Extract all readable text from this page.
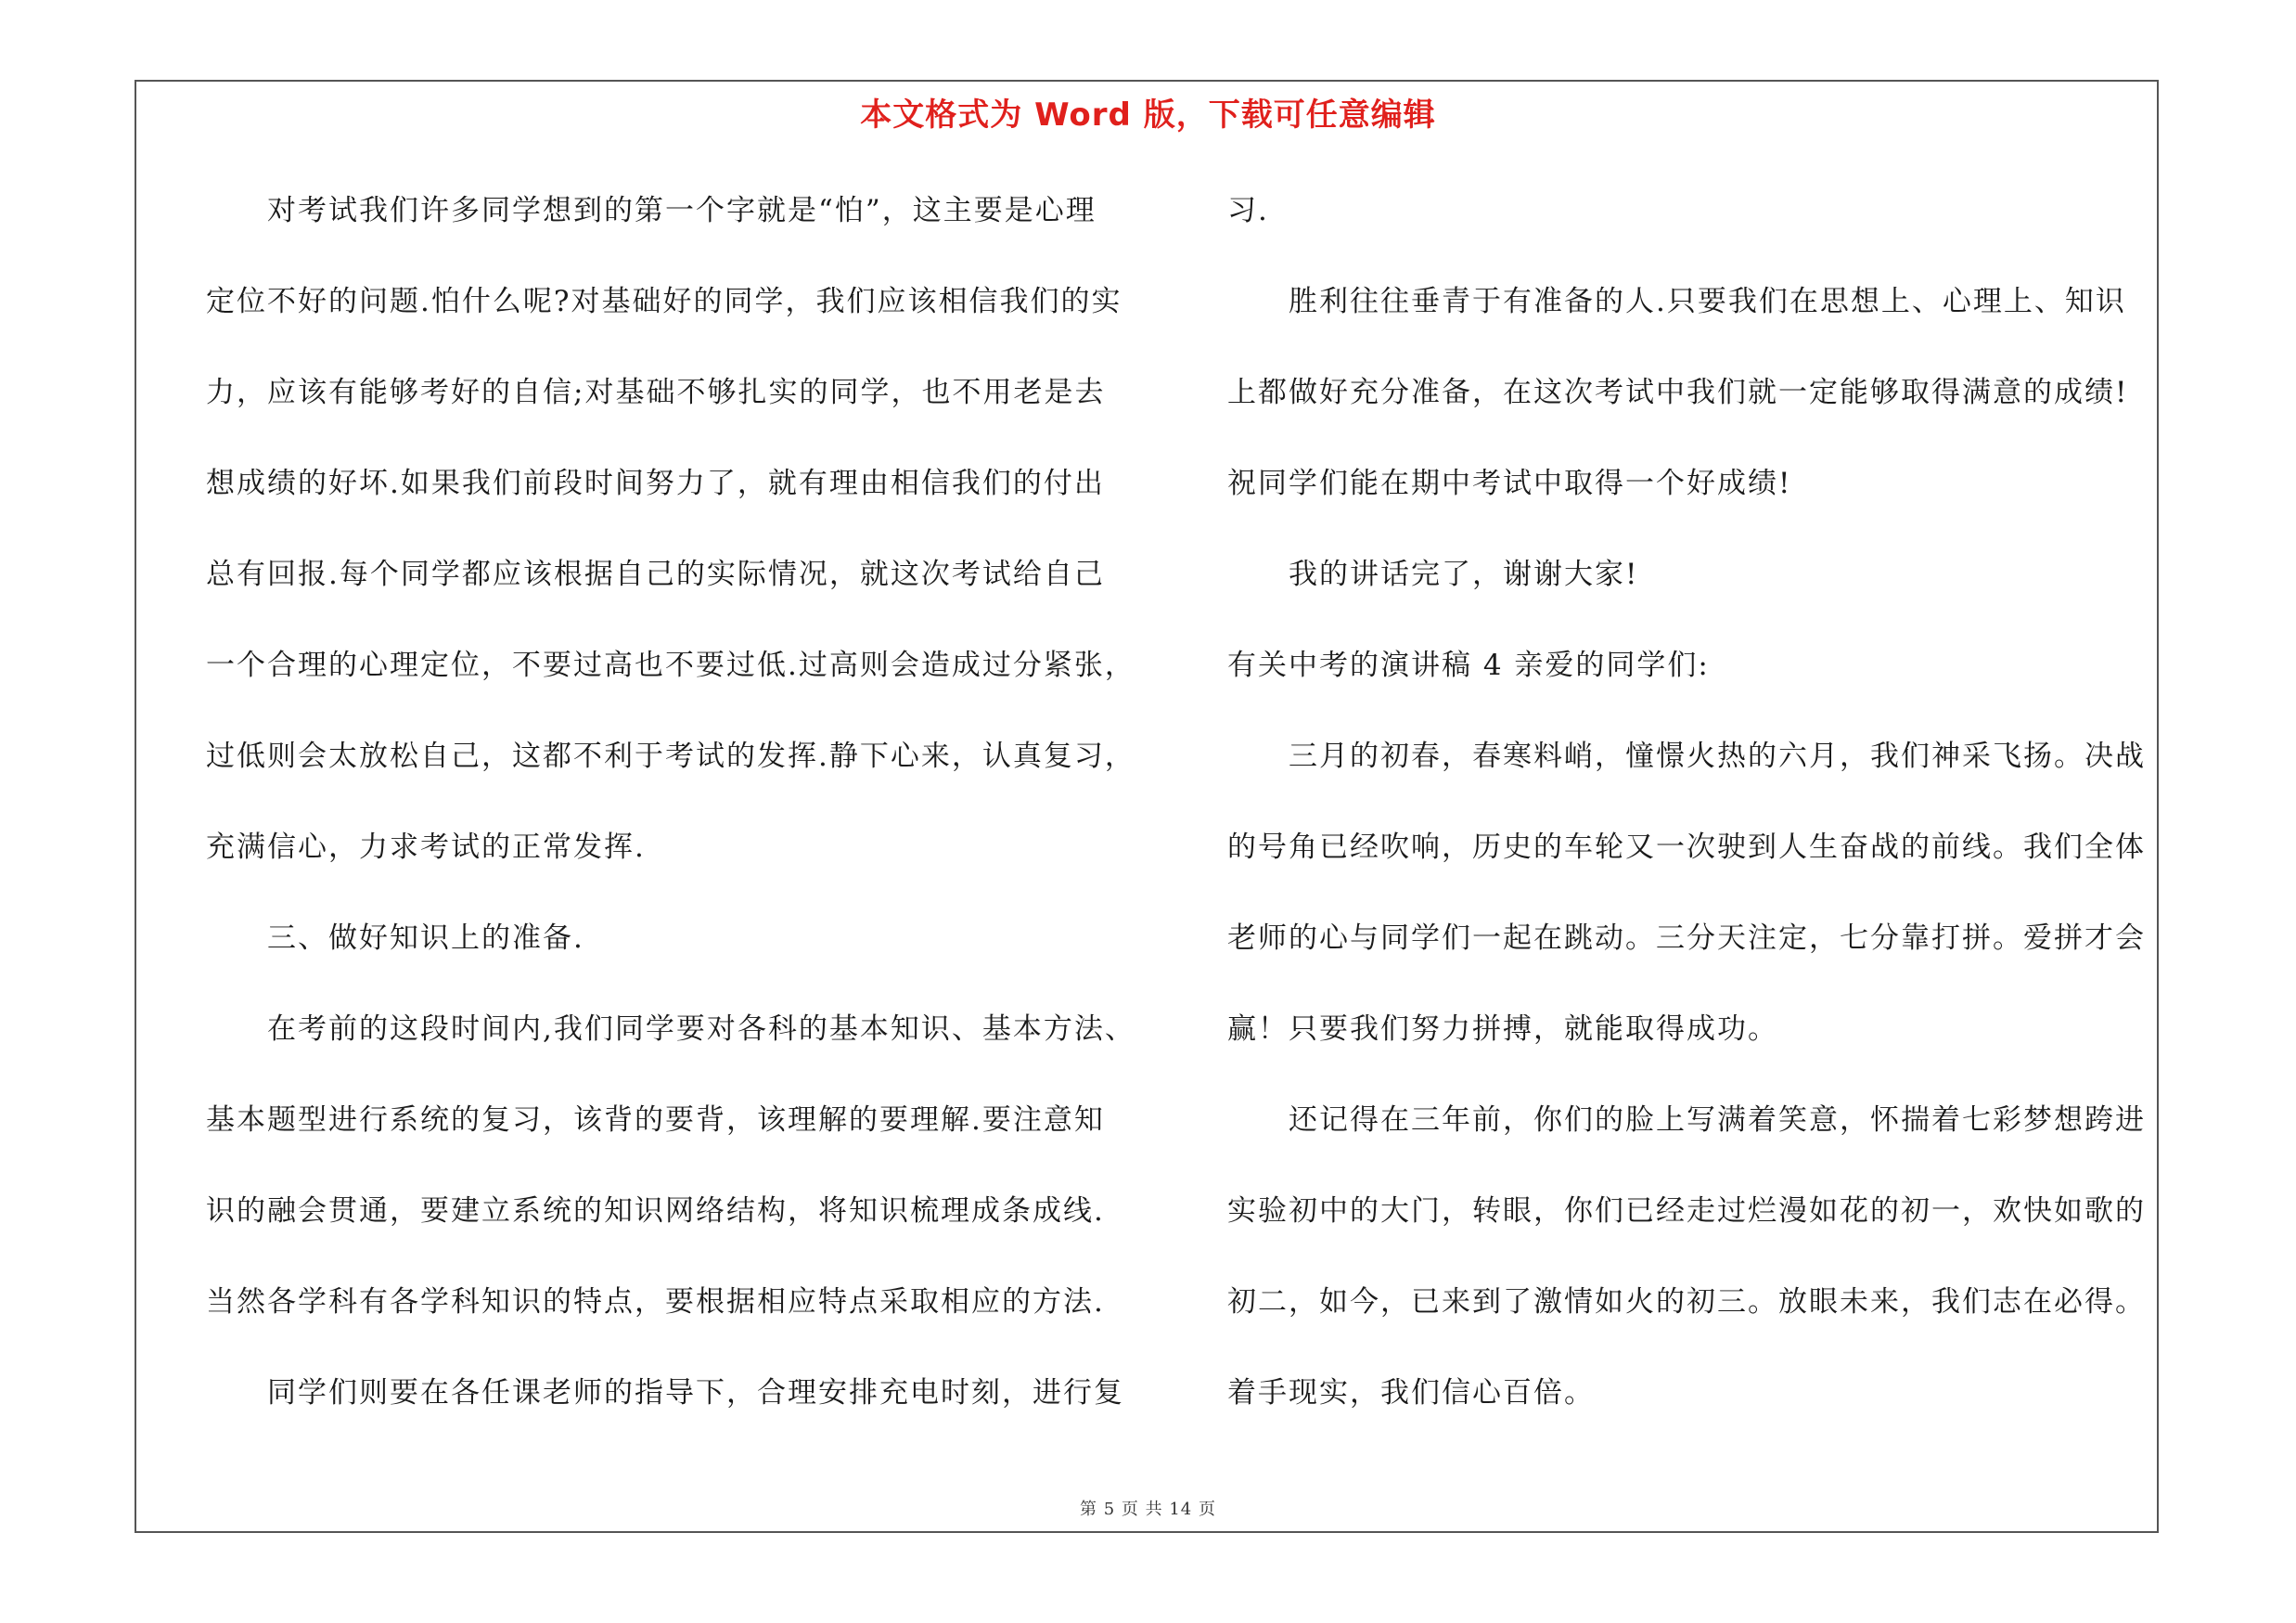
本文格式为 Word 版，下载可任意编辑
　　对考试我们许多同学想到的第一个字就是“怕”，这主要是心理
定位不好的问题.怕什么呢?对基础好的同学，我们应该相信我们的实
力，应该有能够考好的自信;对基础不够扎实的同学，也不用老是去
想成绩的好坏.如果我们前段时间努力了，就有理由相信我们的付出
总有回报.每个同学都应该根据自己的实际情况，就这次考试给自己
一个合理的心理定位，不要过高也不要过低.过高则会造成过分紧张，
过低则会太放松自己，这都不利于考试的发挥.静下心来，认真复习，
充满信心，力求考试的正常发挥.
　　三、做好知识上的准备.
　　在考前的这段时间内,我们同学要对各科的基本知识、基本方法、
基本题型进行系统的复习，该背的要背，该理解的要理解.要注意知
识的融会贯通，要建立系统的知识网络结构，将知识梳理成条成线.
当然各学科有各学科知识的特点，要根据相应特点采取相应的方法.
　　同学们则要在各任课老师的指导下，合理安排充电时刻，进行复
习.
　　胜利往往垂青于有准备的人.只要我们在思想上、心理上、知识
上都做好充分准备，在这次考试中我们就一定能够取得满意的成绩!
祝同学们能在期中考试中取得一个好成绩!
　　我的讲话完了，谢谢大家!
有关中考的演讲稿 4 亲爱的同学们:
　　三月的初春，春寒料峭，憧憬火热的六月，我们神采飞扬。决战
的号角已经吹响，历史的车轮又一次驶到人生奋战的前线。我们全体
老师的心与同学们一起在跳动。三分天注定，七分靠打拼。爱拼才会
赢！只要我们努力拼搏，就能取得成功。
　　还记得在三年前，你们的脸上写满着笑意，怀揣着七彩梦想跨进
实验初中的大门，转眼，你们已经走过烂漫如花的初一，欢快如歌的
初二，如今，已来到了激情如火的初三。放眼未来，我们志在必得。
着手现实，我们信心百倍。
第 5 页 共 14 页
